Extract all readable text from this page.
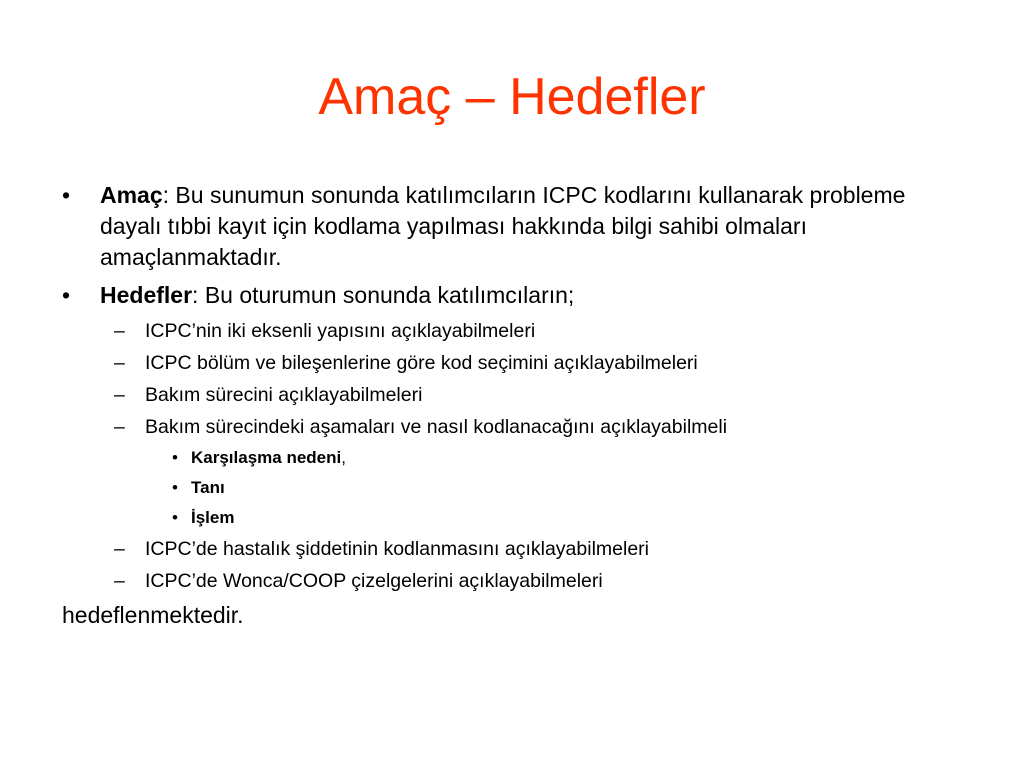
Amaç – Hedefler
• Amaç: Bu sunumun sonunda katılımcıların ICPC kodlarını kullanarak probleme dayalı tıbbi kayıt için kodlama yapılması hakkında bilgi sahibi olmaları amaçlanmaktadır.
• Hedefler: Bu oturumun sonunda katılımcıların;
– ICPC’nin iki eksenli yapısını açıklayabilmeleri
– ICPC bölüm ve bileşenlerine göre kod seçimini açıklayabilmeleri
– Bakım sürecini açıklayabilmeleri
– Bakım sürecindeki aşamaları ve nasıl kodlanacağını açıklayabilmeli
• Karşılaşma nedeni,
• Tanı
• İşlem
– ICPC’de hastalık şiddetinin kodlanmasını açıklayabilmeleri
– ICPC’de Wonca/COOP çizelgelerini açıklayabilmeleri
hedeflenmektedir.
